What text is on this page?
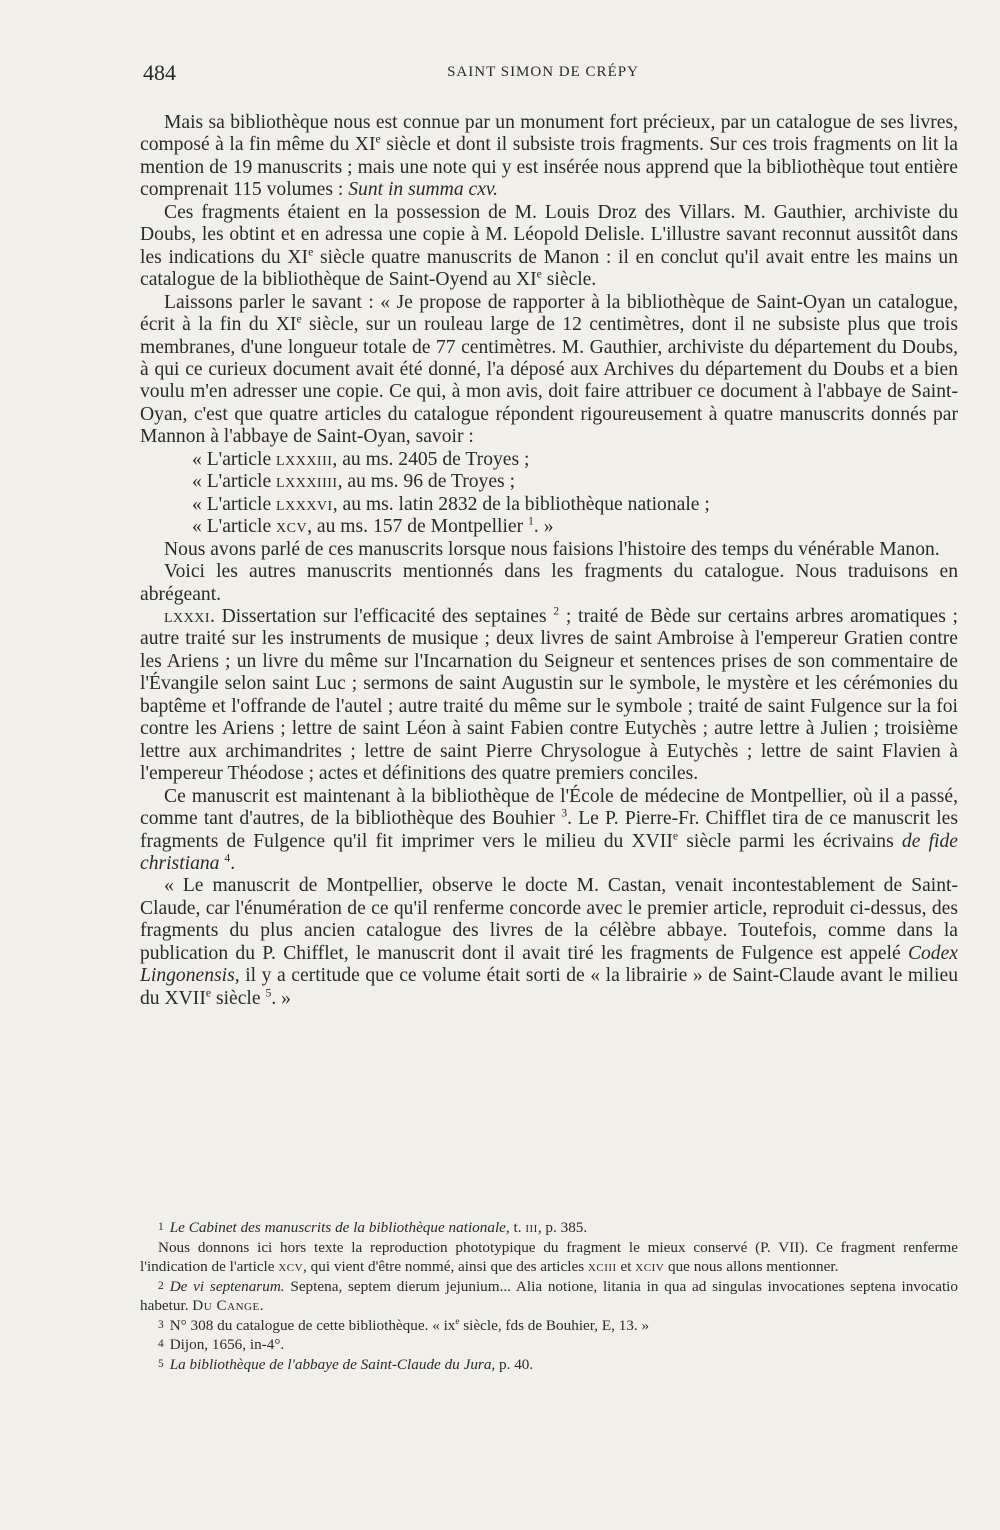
484	SAINT SIMON DE CRÉPY

Mais sa bibliothèque nous est connue par un monument fort précieux, par un catalogue de ses livres, composé à la fin même du XIe siècle et dont il subsiste trois fragments. Sur ces trois fragments on lit la mention de 19 manuscrits ; mais une note qui y est insérée nous apprend que la bibliothèque tout entière comprenait 115 volumes : Sunt in summa cxv.

Ces fragments étaient en la possession de M. Louis Droz des Villars. M. Gauthier, archiviste du Doubs, les obtint et en adressa une copie à M. Léopold Delisle. L'illustre savant reconnut aussitôt dans les indications du XIe siècle quatre manuscrits de Manon : il en conclut qu'il avait entre les mains un catalogue de la bibliothèque de Saint-Oyend au XIe siècle.

Laissons parler le savant : « Je propose de rapporter à la bibliothèque de Saint-Oyan un catalogue, écrit à la fin du XIe siècle, sur un rouleau large de 12 centimètres, dont il ne subsiste plus que trois membranes, d'une longueur totale de 77 centimètres. M. Gauthier, archiviste du département du Doubs, à qui ce curieux document avait été donné, l'a déposé aux Archives du département du Doubs et a bien voulu m'en adresser une copie. Ce qui, à mon avis, doit faire attribuer ce document à l'abbaye de Saint-Oyan, c'est que quatre articles du catalogue répondent rigoureusement à quatre manuscrits donnés par Mannon à l'abbaye de Saint-Oyan, savoir :

« L'article lxxxiii, au ms. 2405 de Troyes ;

« L'article lxxxiiii, au ms. 96 de Troyes ;

« L'article lxxxvi, au ms. latin 2832 de la bibliothèque nationale ;

« L'article xcv, au ms. 157 de Montpellier $^1$. »

Nous avons parlé de ces manuscrits lorsque nous faisions l'histoire des temps du vénérable Manon.

Voici les autres manuscrits mentionnés dans les fragments du catalogue. Nous traduisons en abrégeant.

lxxxi. Dissertation sur l'efficacité des septaines $^2$ ; traité de Bède sur certains arbres aromatiques ; autre traité sur les instruments de musique ; deux livres de saint Ambroise à l'empereur Gratien contre les Ariens ; un livre du même sur l'Incarnation du Seigneur et sentences prises de son commentaire de l'Évangile selon saint Luc ; sermons de saint Augustin sur le symbole, le mystère et les cérémonies du baptême et l'offrande de l'autel ; autre traité du même sur le symbole ; traité de saint Fulgence sur la foi contre les Ariens ; lettre de saint Léon à saint Fabien contre Eutychès ; autre lettre à Julien ; troisième lettre aux archimandrites ; lettre de saint Pierre Chrysologue à Eutychès ; lettre de saint Flavien à l'empereur Théodose ; actes et définitions des quatre premiers conciles.

Ce manuscrit est maintenant à la bibliothèque de l'École de médecine de Montpellier, où il a passé, comme tant d'autres, de la bibliothèque des Bouhier $^3$. Le P. Pierre-Fr. Chifflet tira de ce manuscrit les fragments de Fulgence qu'il fit imprimer vers le milieu du XVIIe siècle parmi les écrivains de fide christiana $^4$.

« Le manuscrit de Montpellier, observe le docte M. Castan, venait incontestablement de Saint-Claude, car l'énumération de ce qu'il renferme concorde avec le premier article, reproduit ci-dessus, des fragments du plus ancien catalogue des livres de la célèbre abbaye. Toutefois, comme dans la publication du P. Chifflet, le manuscrit dont il avait tiré les fragments de Fulgence est appelé Codex Lingonensis, il y a certitude que ce volume était sorti de « la librairie » de Saint-Claude avant le milieu du XVIIe siècle $^5$. »

1 Le Cabinet des manuscrits de la bibliothèque nationale, t. iii, p. 385.

Nous donnons ici hors texte la reproduction phototypique du fragment le mieux conservé (P. VII). Ce fragment renferme l'indication de l'article xcv, qui vient d'être nommé, ainsi que des articles xciii et xciv que nous allons mentionner.

2 De vi septenarum. Septena, septem dierum jejunium... Alia notione, litania in qua ad singulas invocationes septena invocatio habetur. Du Cange.

3 N° 308 du catalogue de cette bibliothèque. « $ix^e$ siècle, fds de Bouhier, E, 13. »

4 Dijon, 1656, in-4°.

5 La bibliothèque de l'abbaye de Saint-Claude du Jura, p. 40.
